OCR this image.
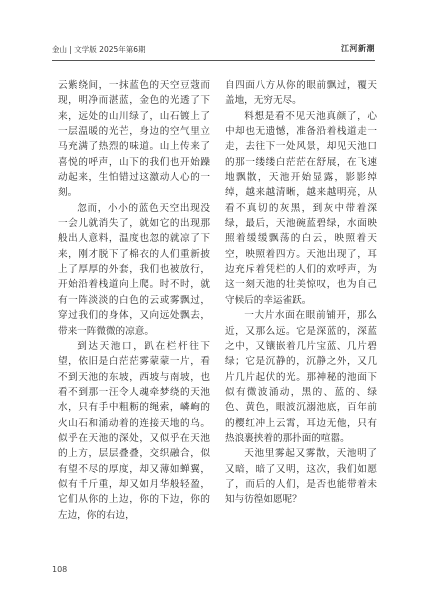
金山 | 文学版 2025年第6期	江河新潮

云紫绕间，一抹蓝色的天空豆蔻而现，明净而湛蓝，金色的光透了下来，远处的山川绿了，山石镀上了一层温暖的光芒，身边的空气里立马充满了热烈的味道。山上传来了喜悦的呼声，山下的我们也开始躁动起来，生怕错过这激动人心的一刻。

忽而，小小的蓝色天空出现没一会儿就消失了，就如它的出现那般出人意料，温度也忽的就凉了下来，刚才脱下了棉衣的人们重新披上了厚厚的外套，我们也被放行，开始沿着栈道向上爬。时不时，就有一阵淡淡的白色的云或雾飘过，穿过我们的身体，又向远处飘去，带来一阵微微的凉意。

到达天池口，趴在栏杆往下望，依旧是白茫茫雾蒙蒙一片，看不到天池的东坡，西坡与南坡，也看不到那一汪令人魂牵梦绕的天池水，只有手中粗粝的绳索，嶙峋的火山石和涌动着的连接天地的乌。似乎在天池的深处，又似乎在天池的上方，层层叠叠，交织融合，似有望不尽的厚度，却又薄如蝉翼，似有千斤重，却又如月华般轻盈，它们从你的上边，你的下边，你的左边，你的右边，

自四面八方从你的眼前飘过，覆天盖地，无穷无尽。

料想是看不见天池真颜了，心中却也无遗憾，准备沿着栈道走一走，去往下一处风景，却见天池口的那一缕缕白茫茫在舒展，在飞速地飘散，天池开始显露，影影绰绰，越来越清晰，越来越明亮，从看不真切的灰黑，到灰中带着深绿，最后，天池碗蓝碧绿，水面映照着缓缓飘荡的白云，映照着天空，映照着四方。天池出现了，耳边充斥着凭栏的人们的欢呼声，为这一刻天池的壮美惊叹，也为自己守候后的幸运雀跃。

一大片水面在眼前铺开，那么近，又那么远。它是深蓝的，深蓝之中，又镶嵌着几片宝蓝、几片碧绿；它是沉静的，沉静之外，又几片几片起伏的光。那神秘的池面下似有微波涌动，黑的、蓝的、绿色、黄色，眼波沉溺池底，百年前的樱红冲上云霄，耳边无他，只有热浪裹挟着的那扑面的喧嚣。

天池里雾起又雾散，天池明了又暗，暗了又明，这次，我们如愿了，而后的人们，是否也能带着未知与彷徨如愿呢？

108
